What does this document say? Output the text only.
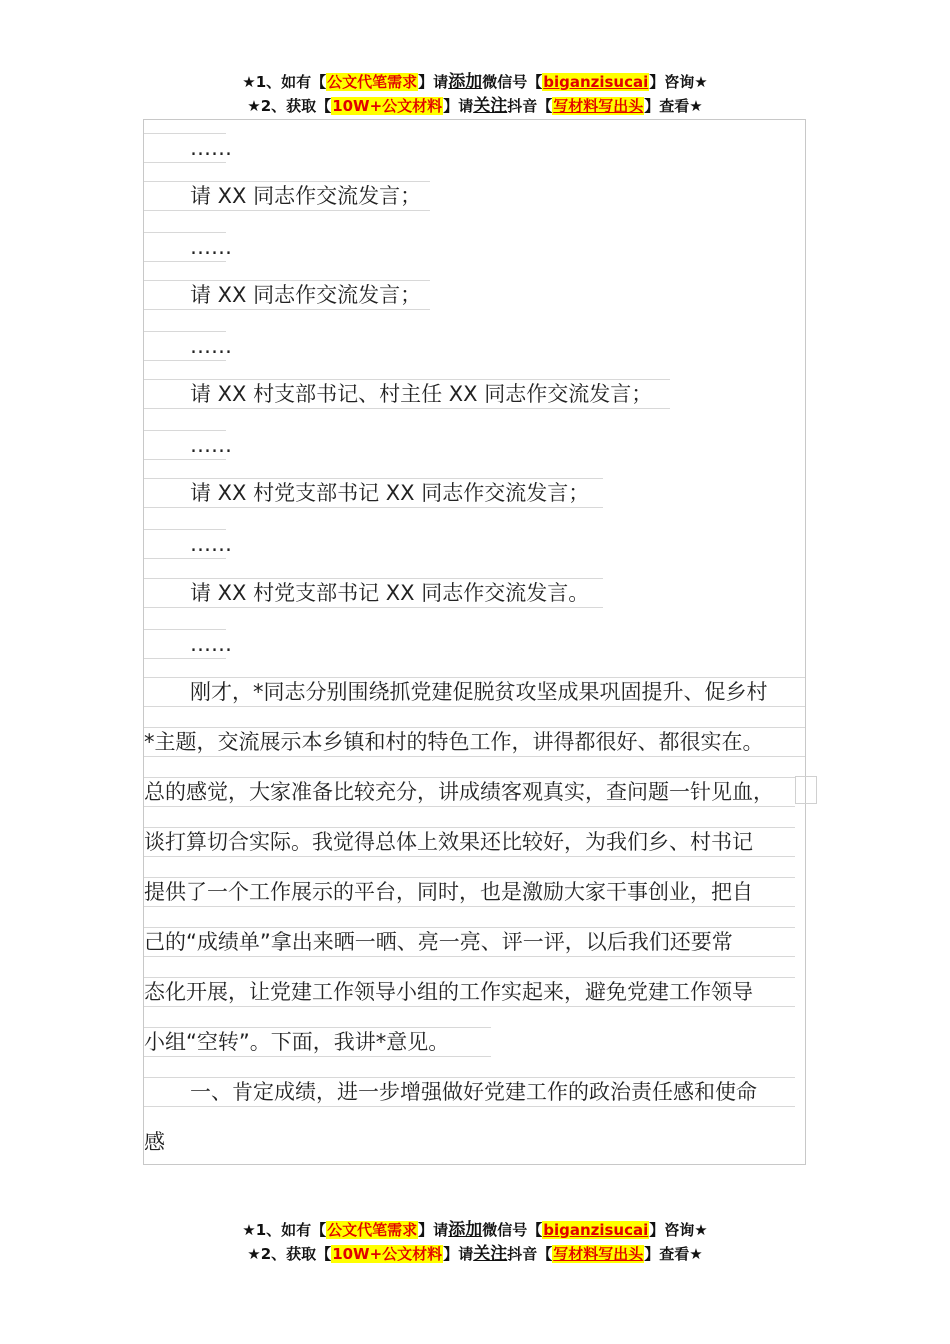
★1、如有【公文代笔需求】请添加微信号【biganzisucai】咨询★
★2、获取【10W+公文材料】请关注抖音【写材料写出头】查看★
……
请 XX 同志作交流发言；
……
请 XX 同志作交流发言；
……
请 XX 村支部书记、村主任 XX 同志作交流发言；
……
请 XX 村党支部书记 XX 同志作交流发言；
……
请 XX 村党支部书记 XX 同志作交流发言。
……
刚才，*同志分别围绕抓党建促脱贫攻坚成果巩固提升、促乡村
*主题，交流展示本乡镇和村的特色工作，讲得都很好、都很实在。
总的感觉，大家准备比较充分，讲成绩客观真实，查问题一针见血，
谈打算切合实际。我觉得总体上效果还比较好，为我们乡、村书记
提供了一个工作展示的平台，同时，也是激励大家干事创业，把自
己的“成绩单”拿出来晒一晒、亮一亮、评一评，以后我们还要常
态化开展，让党建工作领导小组的工作实起来，避免党建工作领导
小组“空转”。下面，我讲*意见。
一、肯定成绩，进一步增强做好党建工作的政治责任感和使命
感
★1、如有【公文代笔需求】请添加微信号【biganzisucai】咨询★
★2、获取【10W+公文材料】请关注抖音【写材料写出头】查看★
